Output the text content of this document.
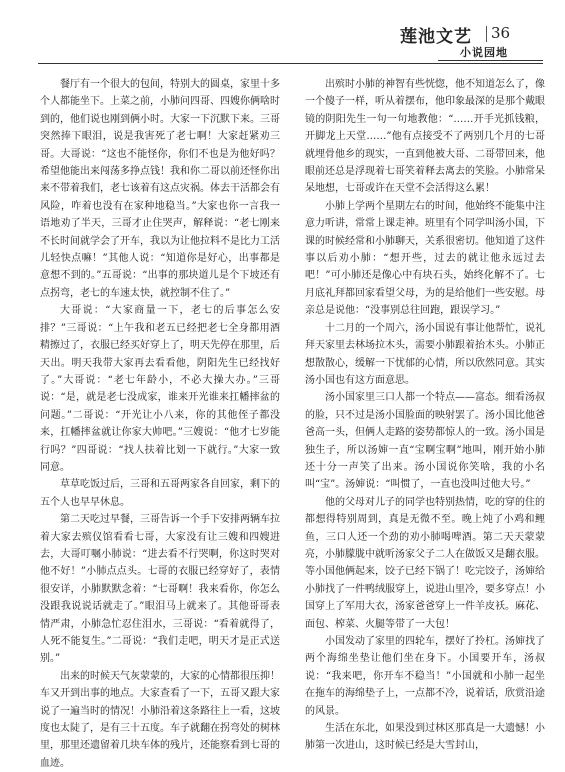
莲池文艺 36
小说园地

餐厅有一个很大的包间，特别大的圆桌，家里十多个人都能坐下。上菜之前，小肺问四哥、四嫂你俩啥时到的，他们说也刚到俩小时。大家一下沉默下来。三哥突然捧下眼泪，说是我害死了老七啊！大家赶紧劝三哥。大哥说：“这也不能怪你，你们不也是为他好吗？希望他能出来闯荡多挣点钱！我和你二哥以前还怪你出来不带着我们，老七该着有这点灾祸。体去干活都会有风险，咋着也没有在家种地稳当。”大家也你一言我一语地劝了半天，三哥才止住哭声，解释说：“老七刚来不长时间就学会了开车，我以为让他拉料不是比力工活儿轻快点嘛！”其他人说：“知道你是好心，出事都是意想不到的。”五哥说：“出事的那块道儿是个下坡还有点拐弯，老七的车速太快，就控制不住了。”

大哥说：“大家商量一下，老七的后事怎么安排？”三哥说：“上午我和老五已经把老七全身都用酒精擦过了，衣服已经买好穿上了，明天先停在那里，后天出。明天我带大家再去看看他，阴阳先生已经找好了。”大哥说：“老七年龄小，不必大操大办。”三哥说：“是，就是老七没成家，谁来开光谁来扛幡摔盆的问题。”二哥说：“开光让小八来，你的其他侄子都没来，扛幡摔盆就让你家大帅吧。”三嫂说：“他才七岁能行吗？”四哥说：“找人扶着比划一下就行。”大家一致同意。

草草吃饭过后，三哥和五哥两家各自回家，剩下的五个人也早早休息。

第二天吃过早餐，三哥告诉一个手下安排两辆车拉着大家去殡仪馆看看七哥，大家没有让三嫂和四嫂进去，大哥叮嘱小肺说：“进去看不行哭啊，你这时哭对他不好！”小肺点点头。七哥的衣服已经穿好了，表情很安详，小肺默默念着：“七哥啊！我来看你，你怎么没跟我说说话就走了。”眼泪马上就来了。其他哥哥表情严肃，小肺急忙忍住泪水，三哥说：“看着就得了，人死不能复生。”二哥说：“我们走吧，明天才是正式送别。”

出来的时候天气灰蒙蒙的，大家的心情都很压抑！车又开到出事的地点。大家查看了一下，五哥又跟大家说了一遍当时的情况！小肺沿着这条路往上一看，这坡度也太陡了，是有三十五度。车子就翻在拐弯处的树林里，那里还遗留着几块车体的残片，还能察看到七哥的血迹。

出殡时小肺的神智有些恍惚，他不知道怎么了，像一个傻子一样，听从着摆布，他印象最深的是那个戴眼镜的阴阳先生一句一句地教他：“……开手光抓钱粮，开脚龙上天堂……”他有点接受不了两别几个月的七哥就埋骨他乡的现实，一直到他被大哥、二哥带回来，他眼前还总是浮现着七哥笑着释去离去的笑脸。小肺常呆呆地想，七哥或许在天堂不会活得这么累！

小肺上学两个星期左右的时间，他始终不能集中注意力听讲，常常上课走神。班里有个同学叫汤小国，下课的时候经常和小肺聊天，关系很密切。他知道了这件事以后劝小肺：“想开些，过去的就让他永远过去吧！”可小肺还是像心中有块石头，始终化解不了。七月底礼拜都回家看望父母，为的是给他们一些安慰。母亲总是说他：“没事别总往回跑，跟误学习。”

十二月的一个周六，汤小国说有事让他帮忙，说礼拜天家里去林场拉木头，需要小肺跟着抬木头。小肺正想散散心，缓解一下忧郁的心情，所以欣然同意。其实汤小国也有这方面意思。

汤小国家里三口人都一个特点——富态。细看汤叔的脸，只不过是汤小国脸面的映射罢了。汤小国比他爸爸高一头，但俩人走路的姿势都惊人的一致。汤小国是独生子，所以汤婶一直“宝啊宝啊”地叫，刚开始小肺还十分一声笑了出来。汤小国说你笑啥，我的小名叫“宝”。汤婶说：“叫惯了，一直也没叫过他大号。”

他的父母对儿子的同学也特别热情，吃的穿的住的都想得特别周到，真是无微不至。晚上炖了小鸡和鲤鱼，三口人还一个劲的劝小肺喝啤酒。第二天天蒙蒙亮，小肺朦胧中就听汤家父子二人在做饭又是翻衣服。等小国他俩起来，饺子已经下锅了！吃完饺子，汤婶给小肺找了一件鸭绒服穿上，说进山里冷，要多穿点！小国穿上了军用大衣，汤家爸爸穿上一件羊皮袄。麻花、面包、榨菜、火腿等带了一大包！

小国发动了家里的四轮车，摆好了拎杠。汤婶找了两个海绵坐垫让他们坐在身下。小国要开车，汤叔说：“我来吧，你开车不稳当！”小国就和小肺一起坐在拖车的海绵垫子上，一点都不冷，说着话，欣赏沿途的风景。

生活在东北，如果没到过林区那真是一大遗憾！小肺第一次进山，这时候已经是大雪封山，
